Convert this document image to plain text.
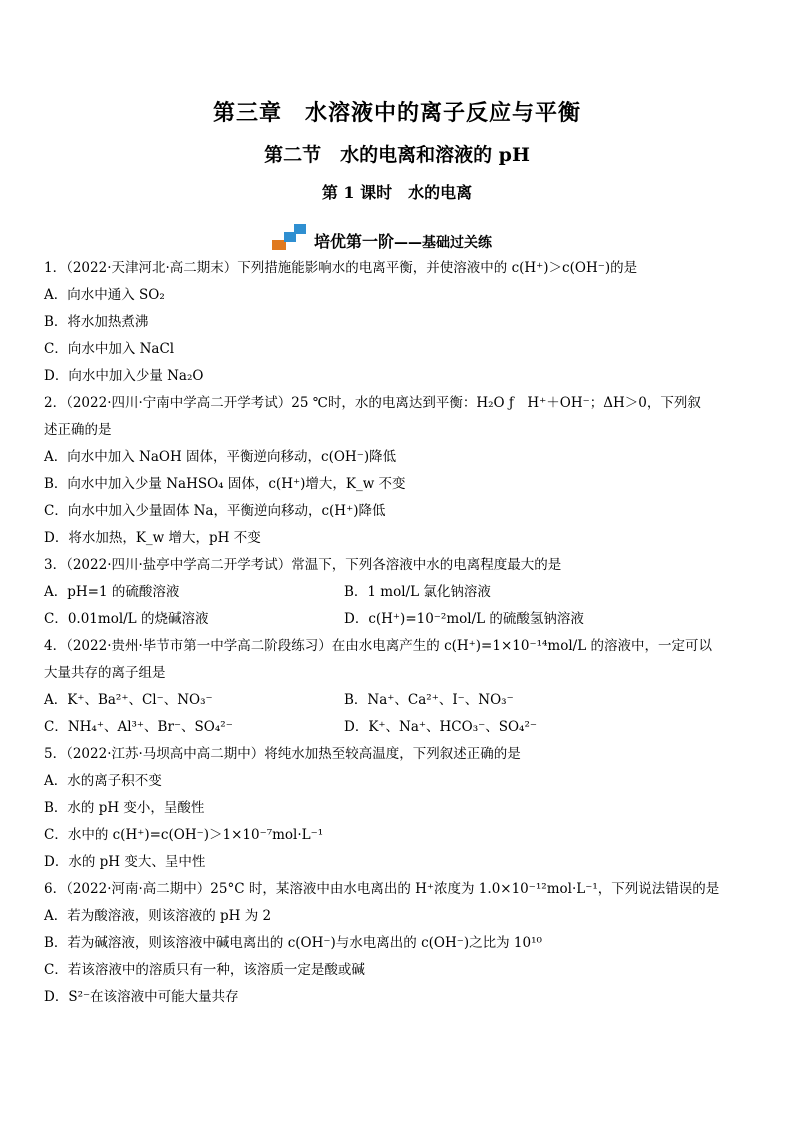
第三章　水溶液中的离子反应与平衡
第二节　水的电离和溶液的 pH
第 1 课时　水的电离
培优第一阶——基础过关练
1．（2022·天津河北·高二期末）下列措施能影响水的电离平衡，并使溶液中的 c(H⁺)＞c(OH⁻)的是
A．向水中通入 SO₂
B．将水加热煮沸
C．向水中加入 NaCl
D．向水中加入少量 Na₂O
2．（2022·四川·宁南中学高二开学考试）25 ℃时，水的电离达到平衡：H₂O ƒ　H⁺＋OH⁻；ΔH＞0，下列叙
述正确的是
A．向水中加入 NaOH 固体，平衡逆向移动，c(OH⁻)降低
B．向水中加入少量 NaHSO₄ 固体，c(H⁺)增大，K_w 不变
C．向水中加入少量固体 Na，平衡逆向移动，c(H⁺)降低
D．将水加热，K_w 增大，pH 不变
3．（2022·四川·盐亭中学高二开学考试）常温下，下列各溶液中水的电离程度最大的是
A．pH=1 的硫酸溶液	B．1 mol/L 氯化钠溶液
C．0.01mol/L 的烧碱溶液	D．c(H⁺)=10⁻²mol/L 的硫酸氢钠溶液
4．（2022·贵州·毕节市第一中学高二阶段练习）在由水电离产生的 c(H⁺)=1×10⁻¹⁴mol/L 的溶液中，一定可以
大量共存的离子组是
A．K⁺、Ba²⁺、Cl⁻、NO₃⁻	B．Na⁺、Ca²⁺、I⁻、NO₃⁻
C．NH₄⁺、Al³⁺、Br⁻、SO₄²⁻	D．K⁺、Na⁺、HCO₃⁻、SO₄²⁻
5．（2022·江苏·马坝高中高二期中）将纯水加热至较高温度，下列叙述正确的是
A．水的离子积不变
B．水的 pH 变小，呈酸性
C．水中的 c(H⁺)=c(OH⁻)＞1×10⁻⁷mol·L⁻¹
D．水的 pH 变大、呈中性
6．（2022·河南·高二期中）25°C 时，某溶液中由水电离出的 H⁺浓度为 1.0×10⁻¹²mol·L⁻¹，下列说法错误的是
A．若为酸溶液，则该溶液的 pH 为 2
B．若为碱溶液，则该溶液中碱电离出的 c(OH⁻)与水电离出的 c(OH⁻)之比为 10¹⁰
C．若该溶液中的溶质只有一种，该溶质一定是酸或碱
D．S²⁻在该溶液中可能大量共存
